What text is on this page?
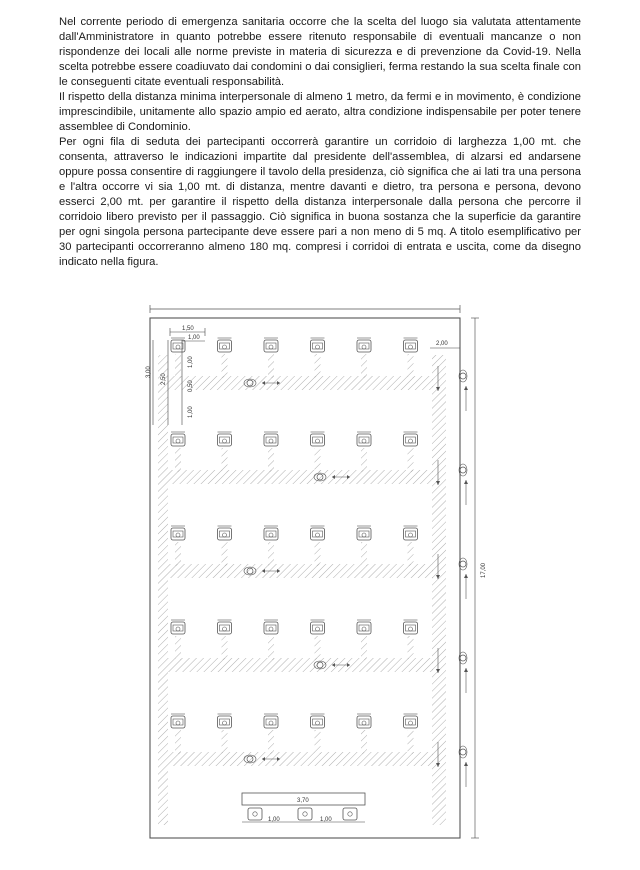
Nel corrente periodo di emergenza sanitaria occorre che la scelta del luogo sia valutata attentamente dall'Amministratore in quanto potrebbe essere ritenuto responsabile di eventuali mancanze o non rispondenze dei locali alle norme previste in materia di sicurezza e di prevenzione da Covid-19. Nella scelta potrebbe essere coadiuvato dai condomini o dai consiglieri, ferma restando la sua scelta finale con le conseguenti citate eventuali responsabilità.

Il rispetto della distanza minima interpersonale di almeno 1 metro, da fermi e in movimento, è condizione imprescindibile, unitamente allo spazio ampio ed aerato, altra condizione indispensabile per poter tenere assemblee di Condominio.

Per ogni fila di seduta dei partecipanti occorrerà garantire un corridoio di larghezza 1,00 mt. che consenta, attraverso le indicazioni impartite dal presidente dell'assemblea, di alzarsi ed andarsene oppure possa consentire di raggiungere il tavolo della presidenza, ciò significa che ai lati tra una persona e l'altra occorre vi sia 1,00 mt. di distanza, mentre davanti e dietro, tra persona e persona, devono esserci 2,00 mt. per garantire il rispetto della distanza interpersonale dalla persona che percorre il corridoio libero previsto per il passaggio. Ciò significa in buona sostanza che la superficie da garantire per ogni singola persona partecipante deve essere pari a non meno di 5 mq. A titolo esemplificativo per 30 partecipanti occorreranno almeno 180 mq. compresi i corridoi di entrata e uscita, come da disegno indicato nella figura.

1,50
1,00
3,00
2,50
1,00
0,50
1,00
2,00
17,00
3,70
1,00	1,00
